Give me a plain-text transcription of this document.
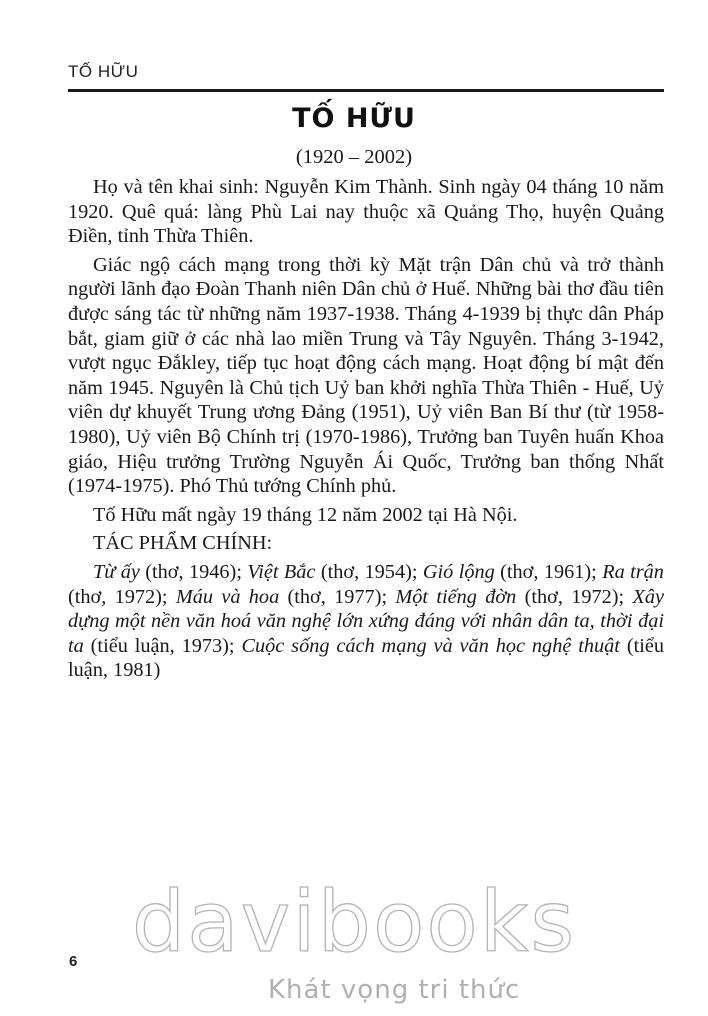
TỐ HỮU
TỐ HỮU
(1920 – 2002)

Họ và tên khai sinh: Nguyễn Kim Thành. Sinh ngày 04 tháng 10 năm 1920. Quê quá: làng Phù Lai nay thuộc xã Quảng Thọ, huyện Quảng Điền, tỉnh Thừa Thiên.

Giác ngộ cách mạng trong thời kỳ Mặt trận Dân chủ và trở thành người lãnh đạo Đoàn Thanh niên Dân chủ ở Huế. Những bài thơ đầu tiên được sáng tác từ những năm 1937-1938. Tháng 4-1939 bị thực dân Pháp bắt, giam giữ ở các nhà lao miền Trung và Tây Nguyên. Tháng 3-1942, vượt ngục Đắkley, tiếp tục hoạt động cách mạng. Hoạt động bí mật đến năm 1945. Nguyên là Chủ tịch Uỷ ban khởi nghĩa Thừa Thiên - Huế, Uỷ viên dự khuyết Trung ương Đảng (1951), Uỷ viên Ban Bí thư (từ 1958-1980), Uỷ viên Bộ Chính trị (1970-1986), Trưởng ban Tuyên huấn Khoa giáo, Hiệu trưởng Trường Nguyễn Ái Quốc, Trưởng ban thống Nhất (1974-1975). Phó Thủ tướng Chính phủ.

Tố Hữu mất ngày 19 tháng 12 năm 2002 tại Hà Nội.

TÁC PHẨM CHÍNH:

Từ ấy (thơ, 1946); Việt Bắc (thơ, 1954); Gió lộng (thơ, 1961); Ra trận (thơ, 1972); Máu và hoa (thơ, 1977); Một tiếng đờn (thơ, 1972); Xây dựng một nền văn hoá văn nghệ lớn xứng đáng với nhân dân ta, thời đại ta (tiểu luận, 1973); Cuộc sống cách mạng và văn học nghệ thuật (tiểu luận, 1981)

6 davibooks
Khát vọng tri thức
